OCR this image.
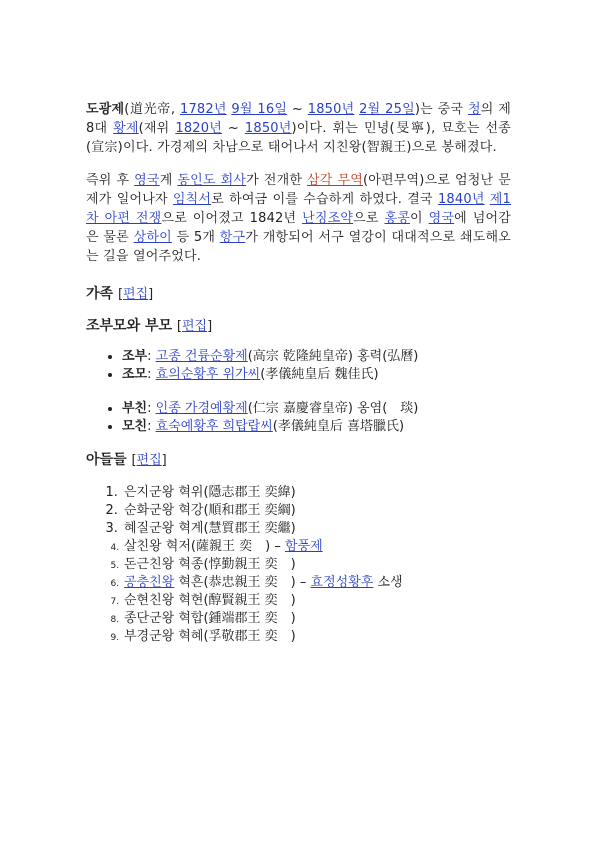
도광제(道光帝, 1782년 9월 16일 ~ 1850년 2월 25일)는 중국 청의 제8대 황제(재위 1820년 ~ 1850년)이다. 휘는 민녕(旻寧), 묘호는 선종(宣宗)이다. 가경제의 차남으로 태어나서 지친왕(智親王)으로 봉해졌다.

즉위 후 영국계 동인도 회사가 전개한 삼각 무역(아편무역)으로 엄청난 문제가 일어나자 임칙서로 하여금 이를 수습하게 하였다. 결국 1840년 제1차 아편 전쟁으로 이어졌고 1842년 난징조약으로 홍콩이 영국에 넘어감은 물론 상하이 등 5개 항구가 개항되어 서구 열강이 대대적으로 쇄도해오는 길을 열어주었다.

가족 [편집]
조부모와 부모 [편집]
• 조부: 고종 건륭순황제(高宗 乾隆純皇帝) 홍력(弘曆)
• 조모: 효의순황후 위가씨(孝儀純皇后 魏佳氏)
• 부친: 인종 가경예황제(仁宗 嘉慶睿皇帝) 옹염(　琰)
• 모친: 효숙예황후 희탑랍씨(孝儀純皇后 喜塔臘氏)
아들들 [편집]
1. 은지군왕 혁위(隱志郡王 奕緯)
2. 순화군왕 혁강(順和郡王 奕綱)
3. 혜질군왕 혁계(慧質郡王 奕繼)
4. 살친왕 혁저(薩親王 奕　) – 함풍제
5. 돈근친왕 혁종(惇勤親王 奕　)
6. 공충친왕 혁흔(恭忠親王 奕　) – 효정성황후 소생
7. 순현친왕 혁현(醇賢親王 奕　)
8. 종단군왕 혁합(鍾端郡王 奕　)
9. 부경군왕 혁혜(孚敬郡王 奕　)
